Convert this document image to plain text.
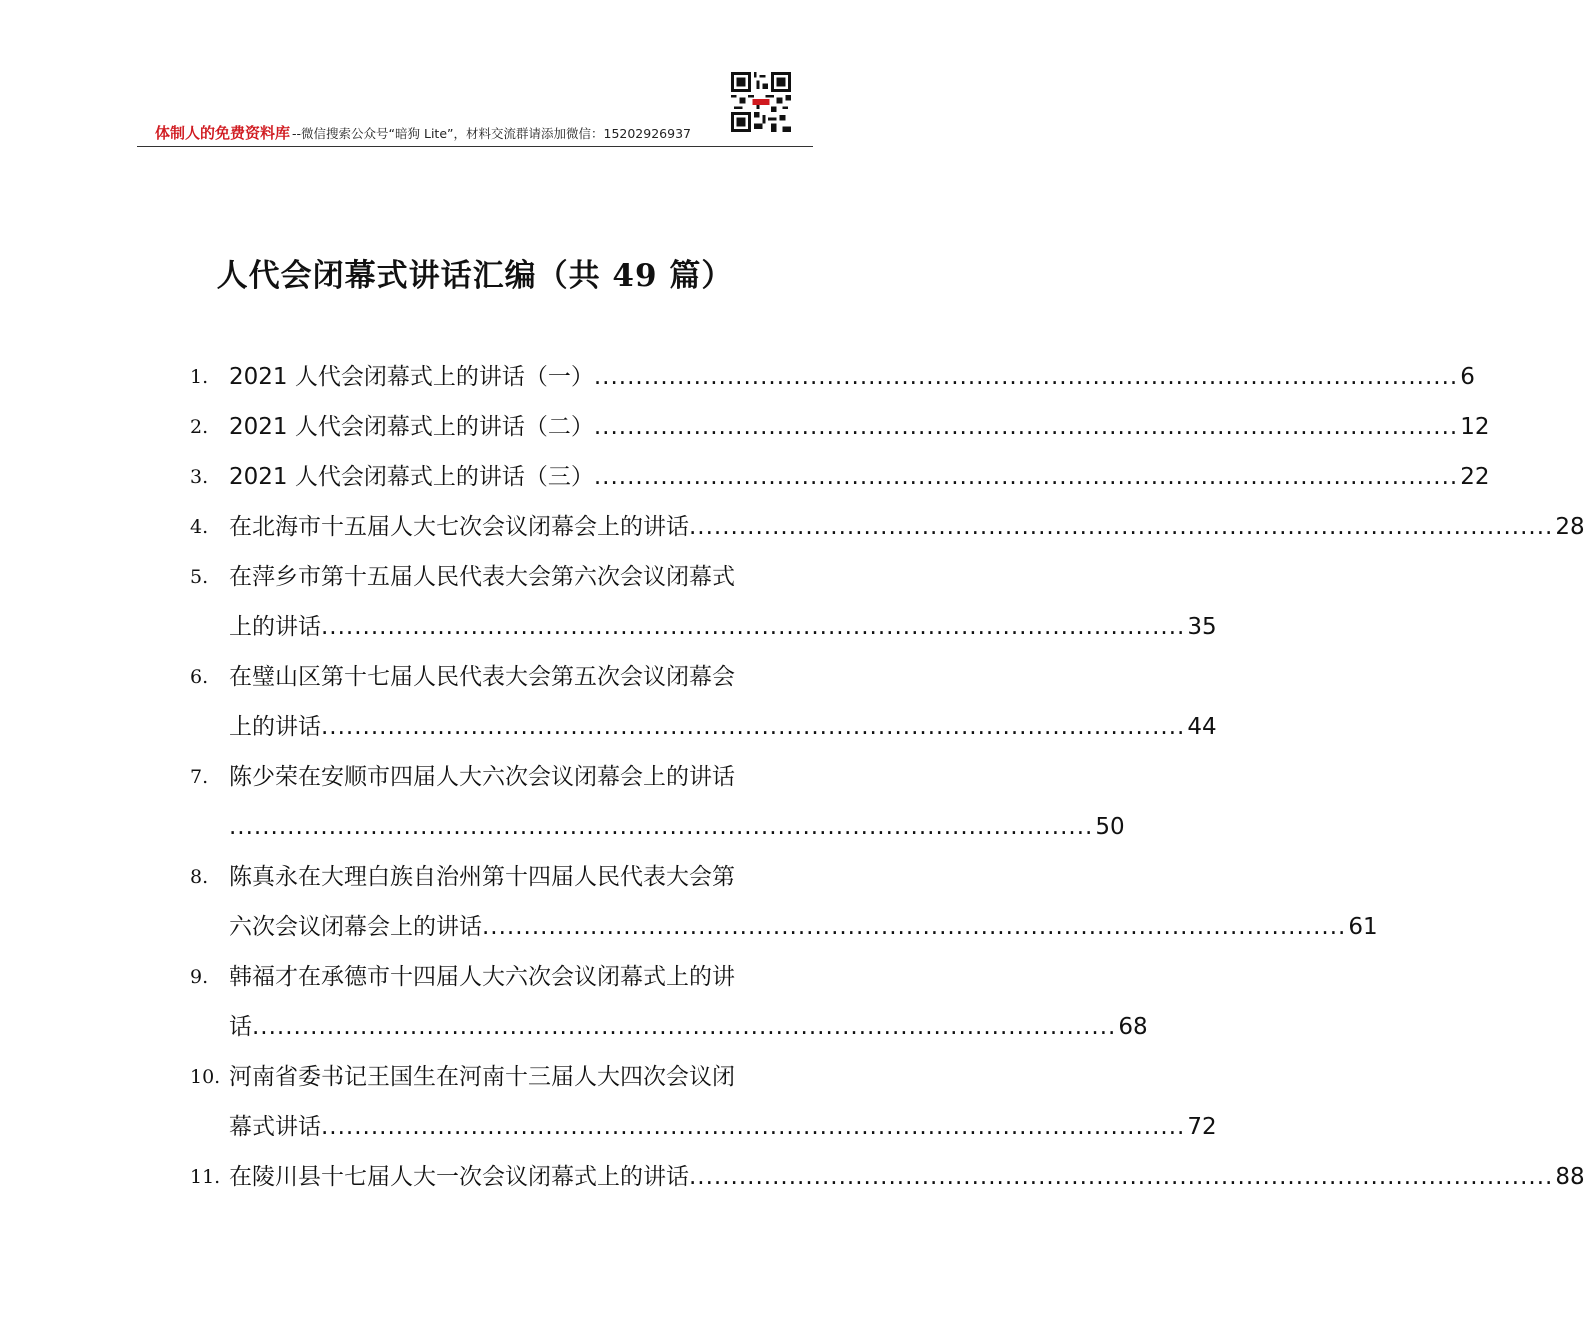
体制人的免费资料库 --微信搜索公众号“暗狗 Lite”，材料交流群请添加微信：15202926937
人代会闭幕式讲话汇编（共 49 篇）
1. 2021 人代会闭幕式上的讲话（一） ........................................................................................................ 6
2. 2021 人代会闭幕式上的讲话（二） ........................................................................................................ 12
3. 2021 人代会闭幕式上的讲话（三） ........................................................................................................ 22
4. 在北海市十五届人大七次会议闭幕会上的讲话 ........................................................................................................ 28
5. 在萍乡市第十五届人民代表大会第六次会议闭幕式
上的讲话 ........................................................................................................ 35
6. 在璧山区第十七届人民代表大会第五次会议闭幕会
上的讲话 ........................................................................................................ 44
7. 陈少荣在安顺市四届人大六次会议闭幕会上的讲话
........................................................................................................ 50
8. 陈真永在大理白族自治州第十四届人民代表大会第
六次会议闭幕会上的讲话 ........................................................................................................ 61
9. 韩福才在承德市十四届人大六次会议闭幕式上的讲
话 ........................................................................................................ 68
10. 河南省委书记王国生在河南十三届人大四次会议闭
幕式讲话 ........................................................................................................ 72
11. 在陵川县十七届人大一次会议闭幕式上的讲话 ........................................................................................................ 88
